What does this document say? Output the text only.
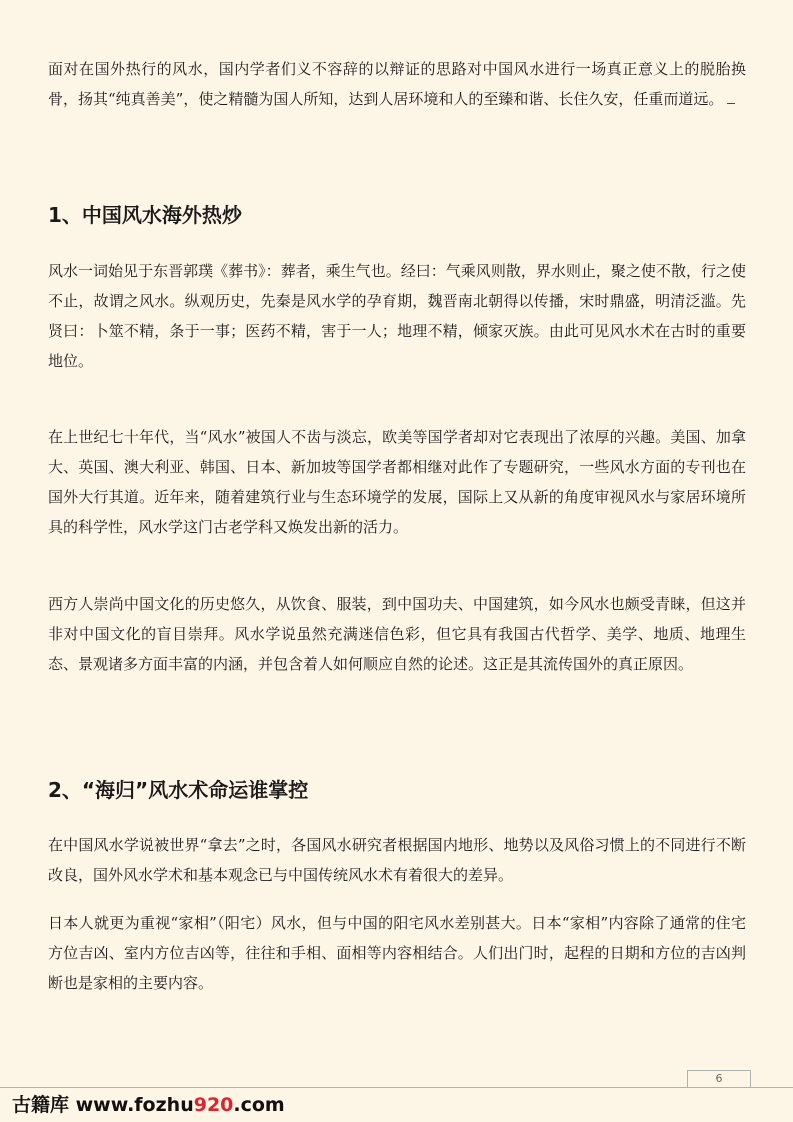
面对在国外热行的风水，国内学者们义不容辞的以辩证的思路对中国风水进行一场真正意义上的脱胎换骨，扬其“纯真善美”，使之精髓为国人所知，达到人居环境和人的至臻和谐、长住久安，任重而道远。

1、中国风水海外热炒

风水一词始见于东晋郭璞《葬书》：葬者，乘生气也。经曰：气乘风则散，界水则止，聚之使不散，行之使不止，故谓之风水。纵观历史，先秦是风水学的孕育期，魏晋南北朝得以传播，宋时鼎盛，明清泛滥。先贤曰：卜筮不精，条于一事；医药不精，害于一人；地理不精，倾家灭族。由此可见风水术在古时的重要地位。

在上世纪七十年代，当“风水”被国人不齿与淡忘，欧美等国学者却对它表现出了浓厚的兴趣。美国、加拿大、英国、澳大利亚、韩国、日本、新加坡等国学者都相继对此作了专题研究，一些风水方面的专刊也在国外大行其道。近年来，随着建筑行业与生态环境学的发展，国际上又从新的角度审视风水与家居环境所具的科学性，风水学这门古老学科又焕发出新的活力。

西方人崇尚中国文化的历史悠久，从饮食、服装，到中国功夫、中国建筑，如今风水也颇受青睐，但这并非对中国文化的盲目崇拜。风水学说虽然充满迷信色彩，但它具有我国古代哲学、美学、地质、地理生态、景观诸多方面丰富的内涵，并包含着人如何顺应自然的论述。这正是其流传国外的真正原因。

2、“海归”风水术命运谁掌控

在中国风水学说被世界“拿去”之时，各国风水研究者根据国内地形、地势以及风俗习惯上的不同进行不断改良，国外风水学术和基本观念已与中国传统风水术有着很大的差异。

日本人就更为重视“家相”（阳宅）风水，但与中国的阳宅风水差别甚大。日本“家相”内容除了通常的住宅方位吉凶、室内方位吉凶等，往往和手相、面相等内容相结合。人们出门时，起程的日期和方位的吉凶判断也是家相的主要内容。

6
古籍库 www.fozhu920.com
